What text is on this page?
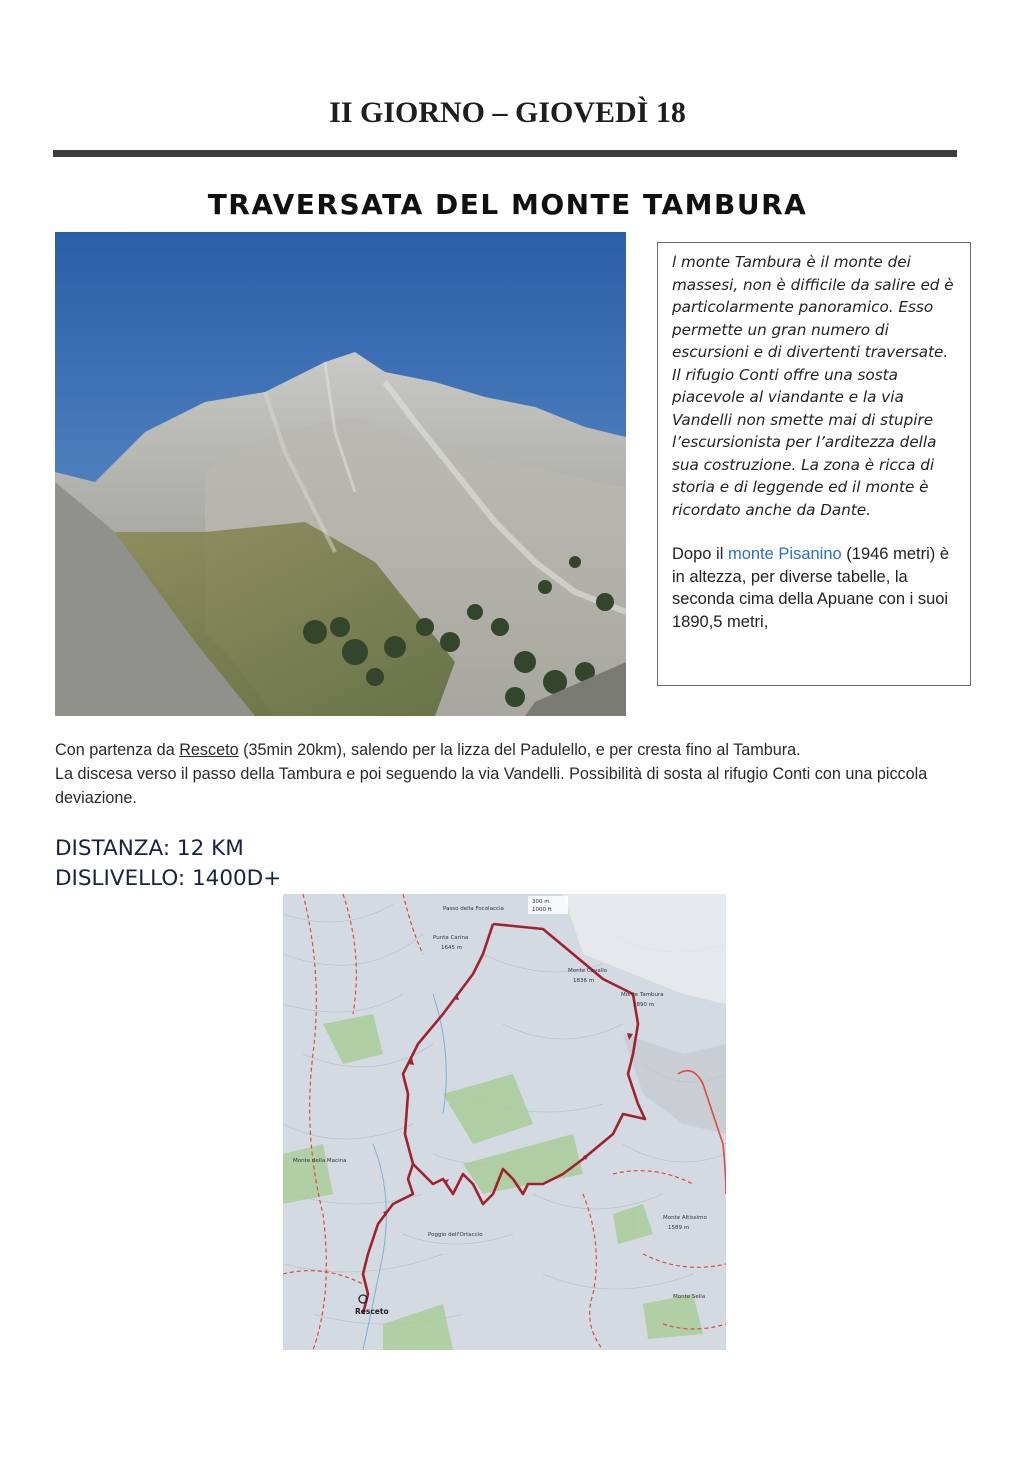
II GIORNO – GIOVEDÌ 18
TRAVERSATA DEL MONTE TAMBURA

l monte Tambura è il monte dei massesi, non è difficile da salire ed è particolarmente panoramico. Esso permette un gran numero di escursioni e di divertenti traversate. Il rifugio Conti offre una sosta piacevole al viandante e la via Vandelli non smette mai di stupire l’escursionista per l’arditezza della sua costruzione. La zona è ricca di storia e di leggende ed il monte è ricordato anche da Dante.

Dopo il monte Pisanino (1946 metri) è in altezza, per diverse tabelle, la seconda cima della Apuane con i suoi 1890,5 metri,

Con partenza da Resceto (35min 20km), salendo per la lizza del Padulello, e per cresta fino al Tambura.
La discesa verso il passo della Tambura e poi seguendo la via Vandelli. Possibilità di sosta al rifugio Conti con una piccola deviazione.
DISTANZA: 12 KM
DISLIVELLO: 1400D+
Passo della Focolaccia
Punta Carina
1645 m
Monte Cavallo
1836 m
Monte Tambura
1890 m
Monte della Macina
Poggio dell'Ortaccio
Resceto
Monte Altissimo
1589 m
Monte Sella
300 m
1000 ft
